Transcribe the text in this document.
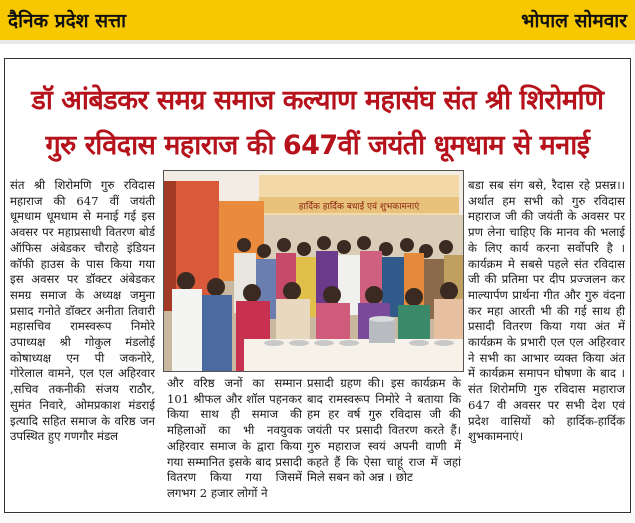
दैनिक प्रदेश सत्ता	भोपाल सोमवार
डॉ आंबेडकर समग्र समाज कल्याण महासंघ संत श्री शिरोमणि
गुरु रविदास महाराज की 647वीं जयंती धूमधाम से मनाई
संत श्री शिरोमणि गुरु रविदास महाराज की 647 वीं जयंती धूमधाम धूमधाम से मनाई गई इस अवसर पर महाप्रसाधी वितरण बोर्ड ऑफिस अंबेडकर चौराहे इंडियन कॉफी हाउस के पास किया गया इस अवसर पर डॉक्टर अंबेडकर समग्र समाज के अध्यक्ष जमुना प्रसाद गनोते डॉक्टर अनीता तिवारी महासचिव रामस्वरूप निमोरे उपाध्यक्ष श्री गोकुल मंडलोई कोषाध्यक्ष एन पी जकनोरे, गोरेलाल वामने, एल एल अहिरवार ,सचिव तकनीकी संजय राठौर, सुमंत निवारे, ओमप्रकाश मंडराई इत्यादि सहित समाज के वरिष्ठ जन उपस्थित हुए गणगौर मंडल
हार्दिक हार्दिक बधाई एवं शुभकामनाएं
और वरिष्ठ जनों का सम्मान 101 श्रीफल और शॉल पहनकर किया साथ ही समाज की महिलाओं का भी नवयुवक अहिरवार समाज के द्वारा किया गया सम्मानित इसके बाद प्रसादी वितरण किया गया जिसमें लगभग 2 हजार लोगों ने
प्रसादी ग्रहण की। इस कार्यक्रम के बाद रामस्वरूप निमोरे ने बताया कि हम हर वर्ष गुरु रविदास जी की जयंती पर प्रसादी वितरण करते हैं। गुरु महाराज स्वयं अपनी वाणी में कहते हैं कि ऐसा चाहूं राज में जहां मिले सबन को अन्न । छोट
बडा सब संग बसे, रैदास रहे प्रसन्न।। अर्थात हम सभी को गुरु रविदास महाराज जी की जयंती के अवसर पर प्रण लेना चाहिए कि मानव की भलाई के लिए कार्य करना सर्वोपरि है । कार्यक्रम मे सबसे पहले संत रविदास जी की प्रतिमा पर दीप प्रज्जलन कर माल्यार्पण प्रार्थना गीत और गुरु वंदना कर महा आरती भी की गई साथ ही प्रसादी वितरण किया गया अंत में कार्यक्रम के प्रभारी एल एल अहिरवार ने सभी का आभार व्यक्त किया अंत में कार्यक्रम समापन घोषणा के बाद । संत शिरोमणि गुरु रविदास महाराज 647 वी अवसर पर सभी देश एवं प्रदेश वासियों को हार्दिक-हार्दिक शुभकामनाएं।
